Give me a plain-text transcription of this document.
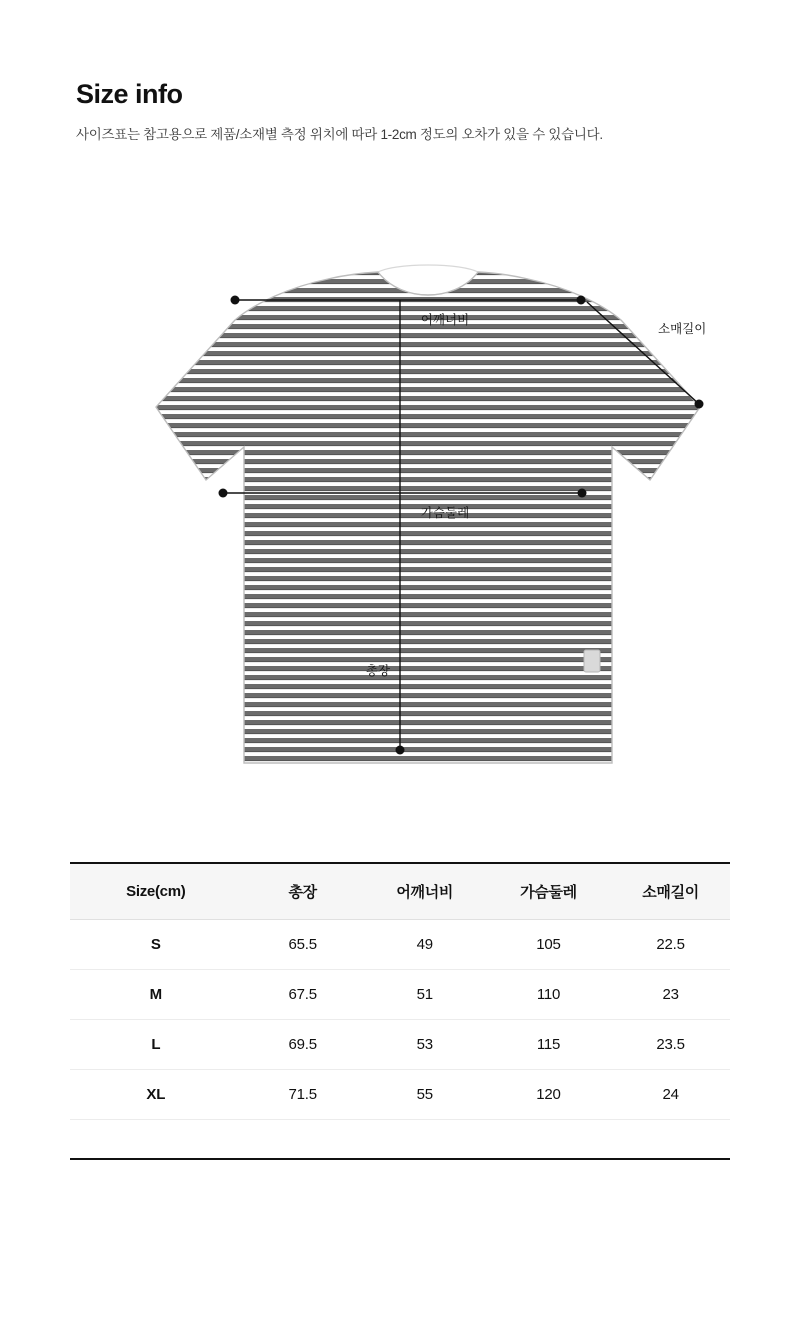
Size info

사이즈표는 참고용으로 제품/소재별 측정 위치에 따라 1-2cm 정도의 오차가 있을 수 있습니다.

어깨너비
소매길이
가슴둘레
총장
Size(cm)	총장	어깨너비	가슴둘레	소매길이
S	65.5	49	105	22.5
M	67.5	51	110	23
L	69.5	53	115	23.5
XL	71.5	55	120	24
